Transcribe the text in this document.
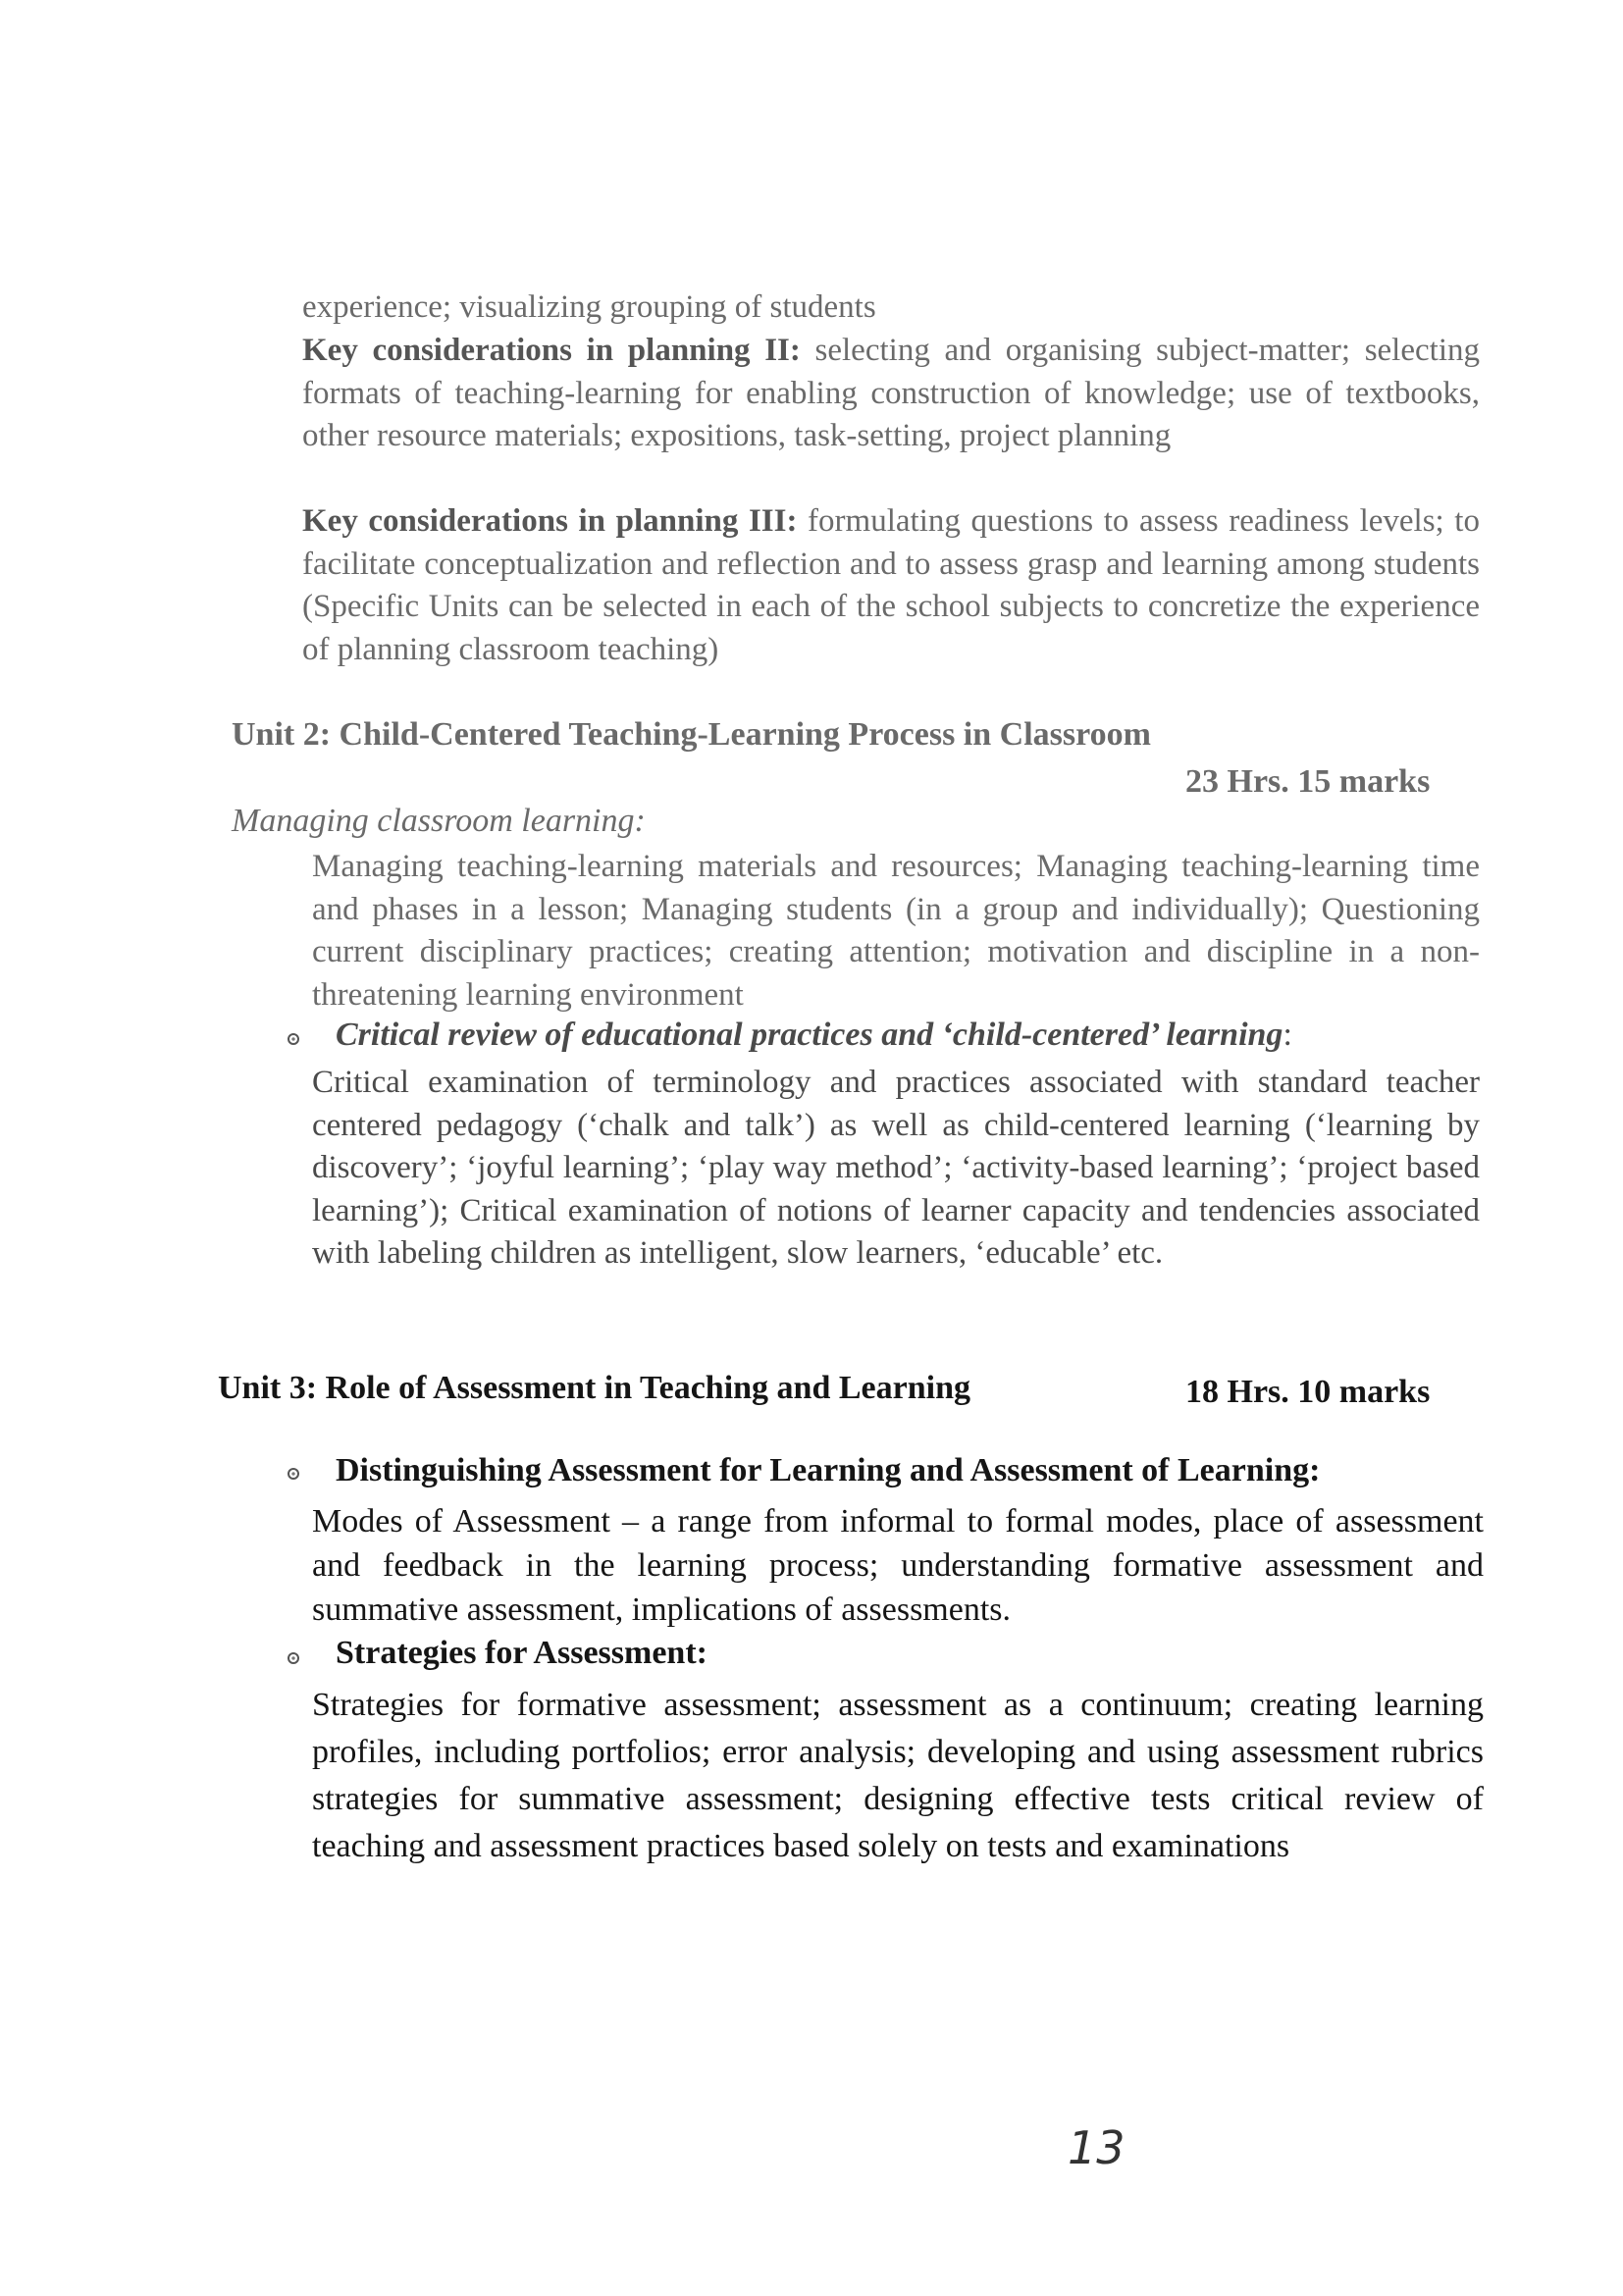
experience; visualizing grouping of students
Key considerations in planning II: selecting and organising subject-matter; selecting formats of teaching-learning for enabling construction of knowledge; use of textbooks, other resource materials; expositions, task-setting, project planning
Key considerations in planning III: formulating questions to assess readiness levels; to facilitate conceptualization and reflection and to assess grasp and learning among students (Specific Units can be selected in each of the school subjects to concretize the experience of planning classroom teaching)
Unit 2: Child-Centered Teaching-Learning Process in Classroom
23 Hrs. 15 marks
Managing classroom learning:
Managing teaching-learning materials and resources; Managing teaching-learning time and phases in a lesson; Managing students (in a group and individually); Questioning current disciplinary practices; creating attention; motivation and discipline in a non-threatening learning environment
Critical review of educational practices and ‘child-centered’ learning:
Critical examination of terminology and practices associated with standard teacher centered pedagogy (‘chalk and talk’) as well as child-centered learning (‘learning by discovery’; ‘joyful learning’; ‘play way method’; ‘activity-based learning’; ‘project based learning’); Critical examination of notions of learner capacity and tendencies associated with labeling children as intelligent, slow learners, ‘educable’ etc.
Unit 3: Role of Assessment in Teaching and Learning	18 Hrs. 10 marks
Distinguishing Assessment for Learning and Assessment of Learning:
Modes of Assessment – a range from informal to formal modes, place of assessment and feedback in the learning process; understanding formative assessment and summative assessment, implications of assessments.
Strategies for Assessment:
Strategies for formative assessment; assessment as a continuum; creating learning profiles, including portfolios; error analysis; developing and using assessment rubrics strategies for summative assessment; designing effective tests critical review of teaching and assessment practices based solely on tests and examinations
13
